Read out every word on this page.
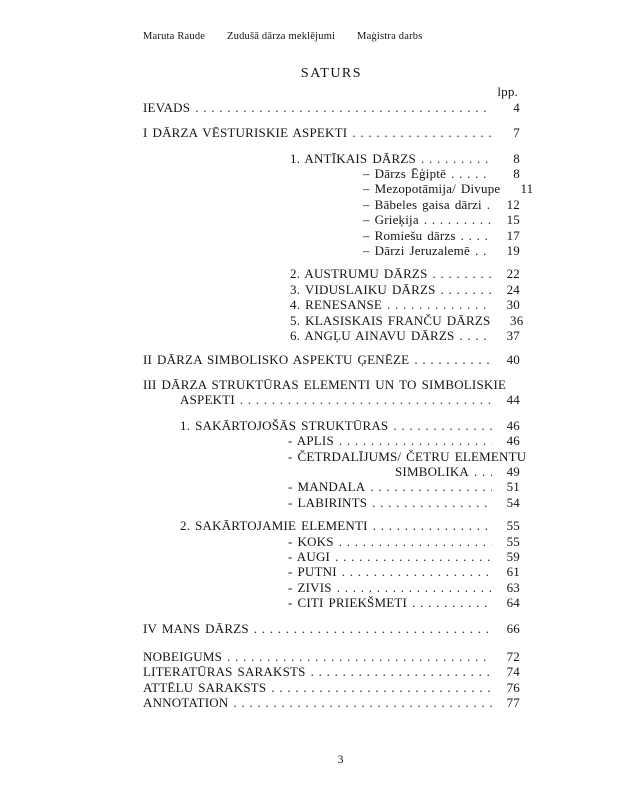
Maruta Raude Zudušā dārza meklējumi Maģistra darbs
SATURS
lpp.
IEVADS . . .	4
I DĀRZA VĒSTURISKIE ASPEKTI . . .	7
1. ANTĪKAIS DĀRZS . . .	8
– Dārzs Ēģiptē . . .	8
– Mezopotāmija/ Divupe	11
– Bābeles gaisa dārzi . . .	12
– Grieķija . . .	15
– Romiešu dārzs . . .	17
– Dārzi Jeruzalemē . . .	19
2. AUSTRUMU DĀRZS . . .	22
3. VIDUSLAIKU DĀRZS . . .	24
4. RENESANSE . . .	30
5. KLASISKAIS FRANČU DĀRZS	36
6. ANGĻU AINAVU DĀRZS . . .	37
II DĀRZA SIMBOLISKO ASPEKTU ĢENĒZE . . .	40
III DĀRZA STRUKTŪRAS ELEMENTI UN TO SIMBOLISKIE
ASPEKTI . . .	44
1. SAKĀRTOJOŠĀS STRUKTŪRAS . . .	46
- APLIS . . .	46
- ČETRDALĪJUMS/ ČETRU ELEMENTU
SIMBOLIKA . . .	49
- MANDALA . . .	51
- LABIRINTS . . .	54
2. SAKĀRTOJAMIE ELEMENTI . . .	55
- KOKS . . .	55
- AUGI . . .	59
- PUTNI . . .	61
- ZIVIS . . .	63
- CITI PRIEKŠMETI . . .	64
IV MANS DĀRZS . . .	66
NOBEIGUMS . . .	72
LITERATŪRAS SARAKSTS . . .	74
ATTĒLU SARAKSTS . . .	76
ANNOTATION . . .	77
3
